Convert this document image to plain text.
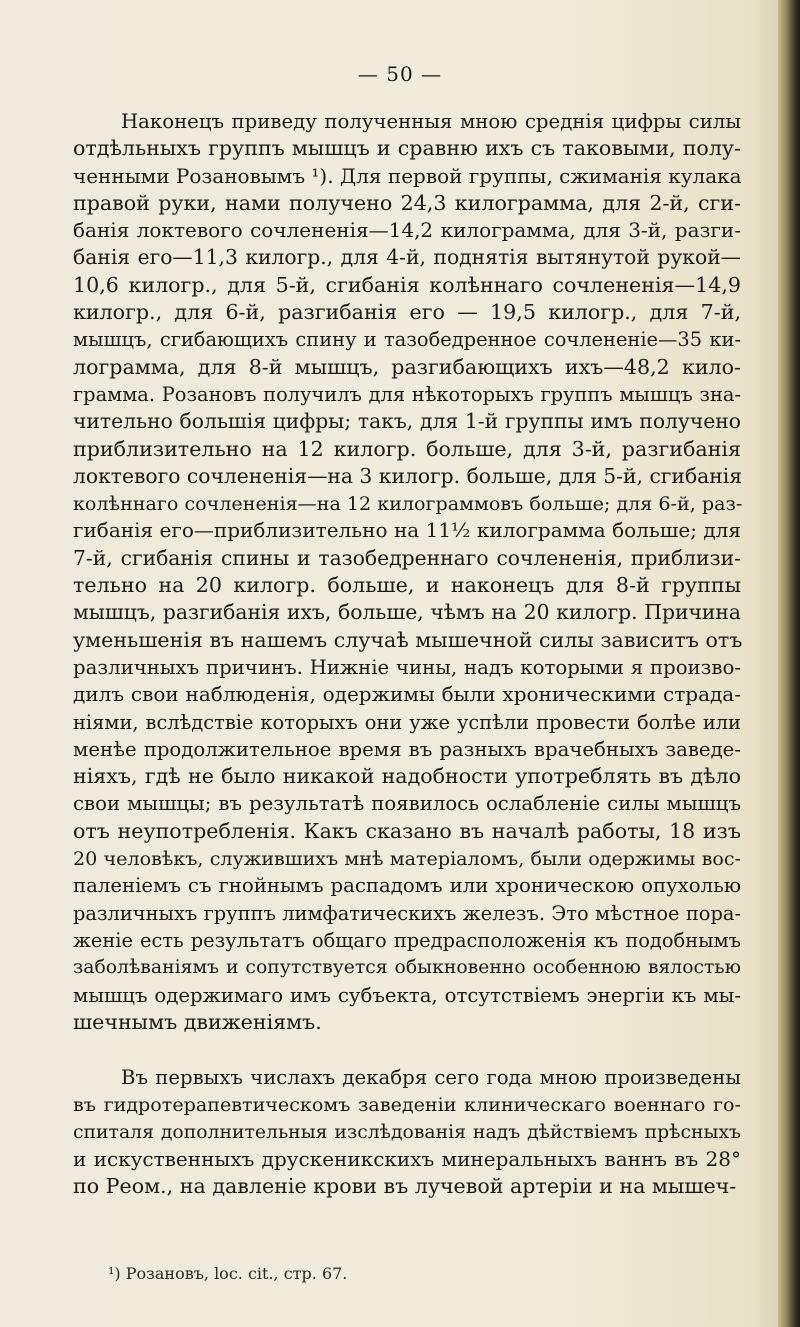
— 50 —
Наконецъ приведу полученныя мною среднія цифры силы
отдѣльныхъ группъ мышцъ и сравню ихъ съ таковыми, полу-
ченными Розановымъ ¹). Для первой группы, сжиманія кулака
правой руки, нами получено 24,3 килограмма, для 2-й, сги-
банія локтевого сочлененія—14,2 килограмма, для 3-й, разги-
банія его—11,3 килогр., для 4-й, поднятія вытянутой рукой—
10,6 килогр., для 5-й, сгибанія колѣннаго сочлененія—14,9
килогр., для 6-й, разгибанія его — 19,5 килогр., для 7-й,
мышцъ, сгибающихъ спину и тазобедренное сочлененіе—35 ки-
лограмма, для 8-й мышцъ, разгибающихъ ихъ—48,2 кило-
грамма. Розановъ получилъ для нѣкоторыхъ группъ мышцъ зна-
чительно большія цифры; такъ, для 1-й группы имъ получено
приблизительно на 12 килогр. больше, для 3-й, разгибанія
локтевого сочлененія—на 3 килогр. больше, для 5-й, сгибанія
колѣннаго сочлененія—на 12 килограммовъ больше; для 6-й, раз-
гибанія его—приблизительно на 11½ килограмма больше; для
7-й, сгибанія спины и тазобедреннаго сочлененія, приблизи-
тельно на 20 килогр. больше, и наконецъ для 8-й группы
мышцъ, разгибанія ихъ, больше, чѣмъ на 20 килогр. Причина
уменьшенія въ нашемъ случаѣ мышечной силы зависитъ отъ
различныхъ причинъ. Нижніе чины, надъ которыми я произво-
дилъ свои наблюденія, одержимы были хроническими страда-
ніями, вслѣдствіе которыхъ они уже успѣли провести болѣе или
менѣе продолжительное время въ разныхъ врачебныхъ заведе-
ніяхъ, гдѣ не было никакой надобности употреблять въ дѣло
свои мышцы; въ результатѣ появилось ослабленіе силы мышцъ
отъ неупотребленія. Какъ сказано въ началѣ работы, 18 изъ
20 человѣкъ, служившихъ мнѣ матеріаломъ, были одержимы вос-
паленіемъ съ гнойнымъ распадомъ или хроническою опухолью
различныхъ группъ лимфатическихъ железъ. Это мѣстное пора-
женіе есть результатъ общаго предрасположенія къ подобнымъ
заболѣваніямъ и сопутствуется обыкновенно особенною вялостью
мышцъ одержимаго имъ субъекта, отсутствіемъ энергіи къ мы-
шечнымъ движеніямъ.
Въ первыхъ числахъ декабря сего года мною произведены
въ гидротерапевтическомъ заведеніи клиническаго военнаго го-
спиталя дополнительныя изслѣдованія надъ дѣйствіемъ прѣсныхъ
и искуственныхъ друскеникскихъ минеральныхъ ваннъ въ 28°
по Реом., на давленіе крови въ лучевой артеріи и на мышеч-
¹) Розановъ, loc. cit., стр. 67.
